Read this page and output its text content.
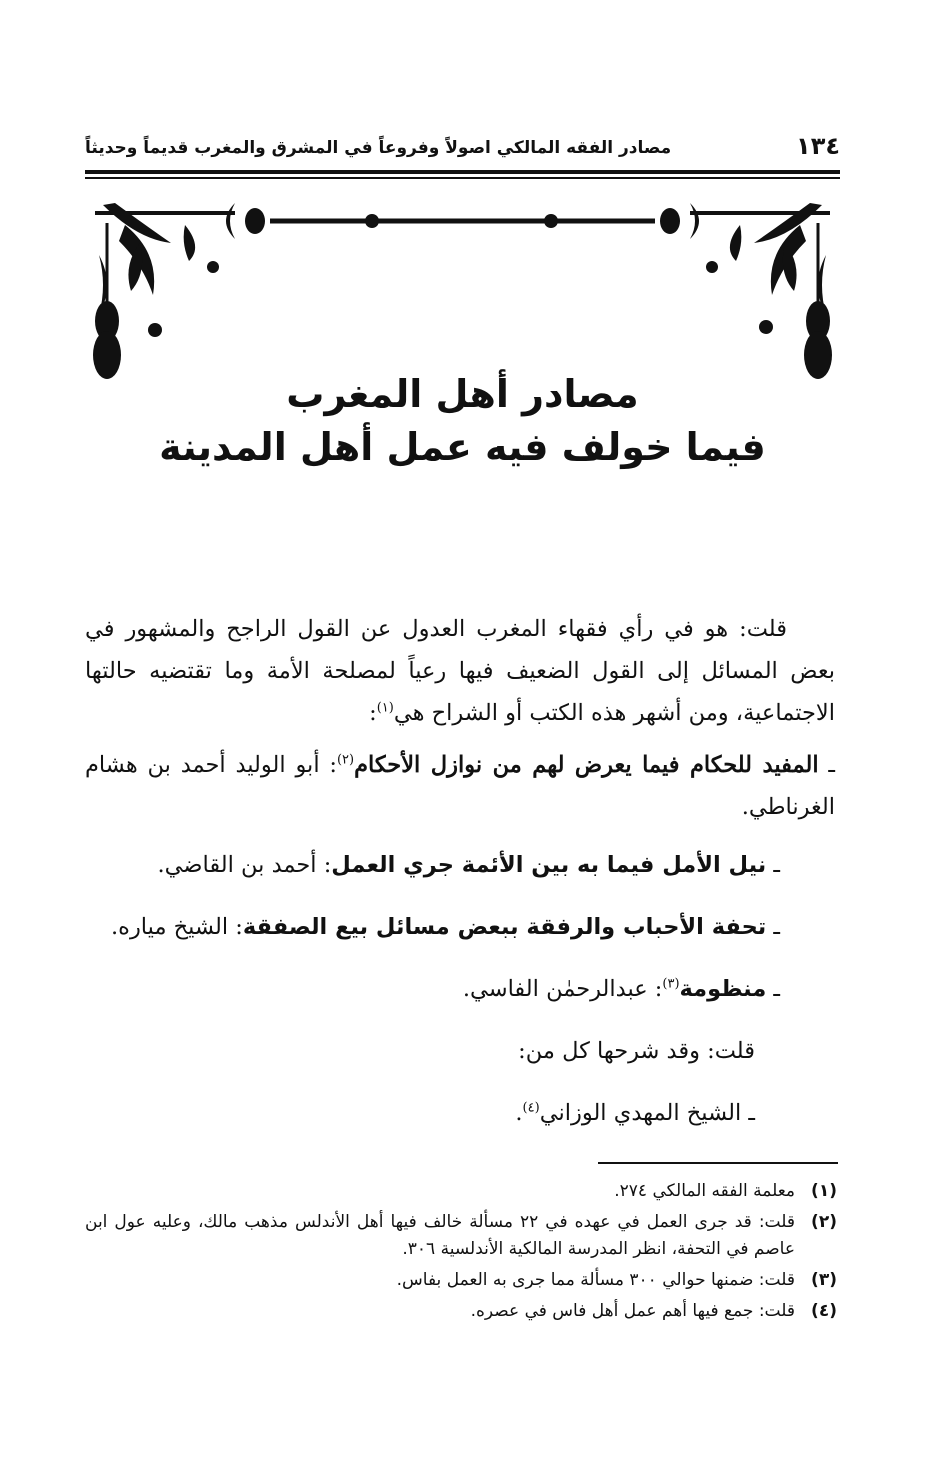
١٣٤
مصادر الفقه المالكي اصولاً وفروعاً في المشرق والمغرب قديماً وحديثاً
مصادر أهل المغرب
فيما خولف فيه عمل أهل المدينة

قلت: هو في رأي فقهاء المغرب العدول عن القول الراجح والمشهور في بعض المسائل إلى القول الضعيف فيها رعياً لمصلحة الأمة وما تقتضيه حالتها الاجتماعية، ومن أشهر هذه الكتب أو الشراح هي$^{(١)}$:

ـ المفيد للحكام فيما يعرض لهم من نوازل الأحكام$^{(٢)}$: أبو الوليد أحمد بن هشام الغرناطي.

ـ نيل الأمل فيما به بين الأئمة جري العمل: أحمد بن القاضي.

ـ تحفة الأحباب والرفقة ببعض مسائل بيع الصفقة: الشيخ مياره.

ـ منظومة$^{(٣)}$: عبدالرحمٰن الفاسي.

قلت: وقد شرحها كل من:

ـ الشيخ المهدي الوزاني$^{(٤)}$.

(١)
معلمة الفقه المالكي ٢٧٤.
(٢)
قلت: قد جرى العمل في عهده في ٢٢ مسألة خالف فيها أهل الأندلس مذهب مالك، وعليه عول ابن عاصم في التحفة، انظر المدرسة المالكية الأندلسية ٣٠٦.
(٣)
قلت: ضمنها حوالي ٣٠٠ مسألة مما جرى به العمل بفاس.
(٤)
قلت: جمع فيها أهم عمل أهل فاس في عصره.
